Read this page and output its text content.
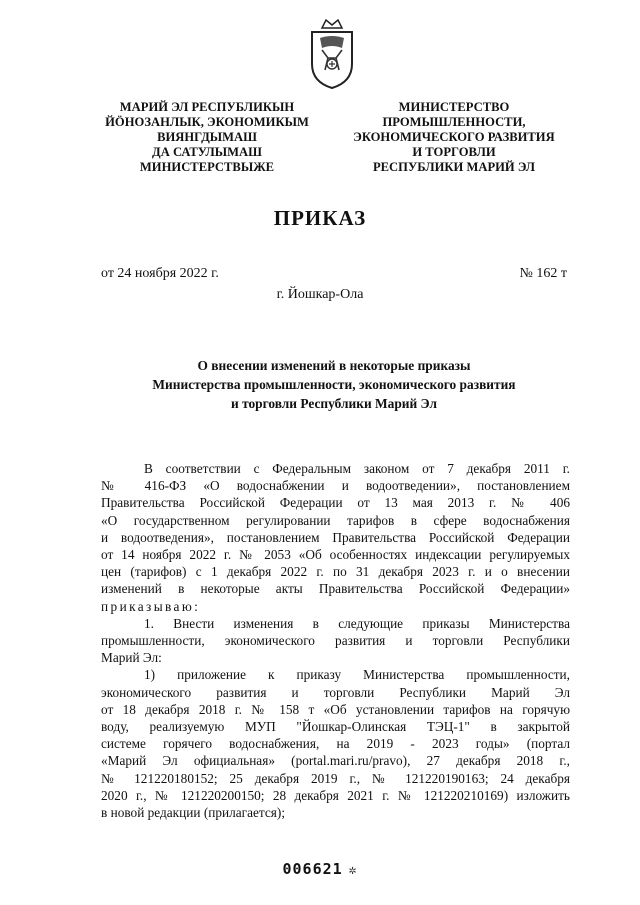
МАРИЙ ЭЛ РЕСПУБЛИКЫН
ЙÖНОЗАНЛЫК, ЭКОНОМИКЫМ
ВИЯНГДЫМАШ
ДА САТУЛЫМАШ
МИНИСТЕРСТВЫЖЕ
МИНИСТЕРСТВО
ПРОМЫШЛЕННОСТИ,
ЭКОНОМИЧЕСКОГО РАЗВИТИЯ
И ТОРГОВЛИ
РЕСПУБЛИКИ МАРИЙ ЭЛ
ПРИКАЗ
от 24 ноября 2022 г.	№ 162 т
г. Йошкар-Ола
О внесении изменений в некоторые приказы
Министерства промышленности, экономического развития
и торговли Республики Марий Эл
В соответствии с Федеральным законом от 7 декабря 2011 г.
№ 416-ФЗ «О водоснабжении и водоотведении», постановлением
Правительства Российской Федерации от 13 мая 2013 г. № 406
«О государственном регулировании тарифов в сфере водоснабжения
и водоотведения», постановлением Правительства Российской Федерации
от 14 ноября 2022 г. № 2053 «Об особенностях индексации регулируемых
цен (тарифов) с 1 декабря 2022 г. по 31 декабря 2023 г. и о внесении
изменений в некоторые акты Правительства Российской Федерации»
приказываю:
1. Внести изменения в следующие приказы Министерства
промышленности, экономического развития и торговли Республики
Марий Эл:
1) приложение к приказу Министерства промышленности,
экономического развития и торговли Республики Марий Эл
от 18 декабря 2018 г. № 158 т «Об установлении тарифов на горячую
воду, реализуемую МУП "Йошкар-Олинская ТЭЦ-1" в закрытой
системе горячего водоснабжения, на 2019 - 2023 годы» (портал
«Марий Эл официальная» (portal.mari.ru/pravo), 27 декабря 2018 г.,
№ 121220180152; 25 декабря 2019 г., № 121220190163; 24 декабря
2020 г., № 121220200150; 28 декабря 2021 г. № 121220210169) изложить
в новой редакции (прилагается);
006621 ✲
